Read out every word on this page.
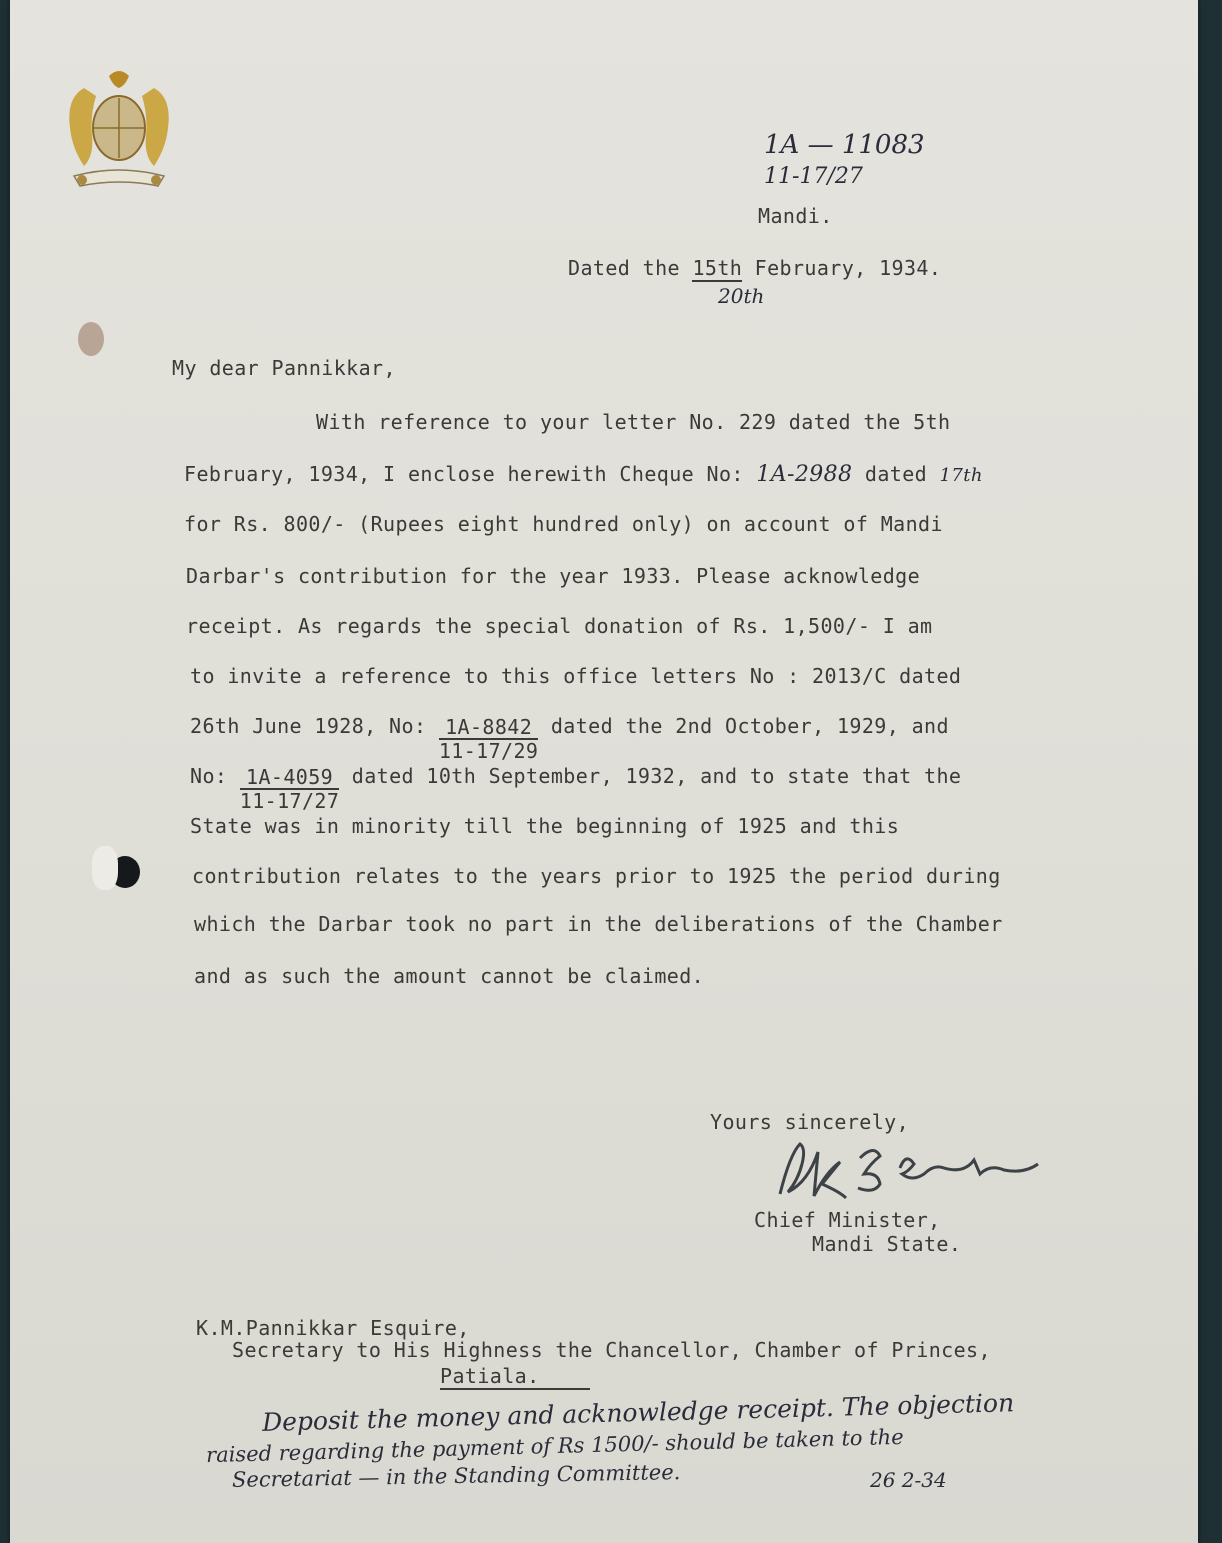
1A — 11083
11-17/27
Mandi.
Dated the 15th February, 1934.
20th
My dear Pannikkar,
With reference to your letter No. 229 dated the 5th
February, 1934, I enclose herewith Cheque No: 1A-2988 dated 17th
for Rs. 800/- (Rupees eight hundred only) on account of Mandi
Darbar's contribution for the year 1933. Please acknowledge
receipt. As regards the special donation of Rs. 1,500/- I am
to invite a reference to this office letters No : 2013/C dated
26th June 1928, No: $\frac{1A-8842}{11-17/29}$ dated the 2nd October, 1929, and
No: $\frac{1A-4059}{11-17/27}$ dated 10th September, 1932, and to state that the
State was in minority till the beginning of 1925 and this
contribution relates to the years prior to 1925 the period during
which the Darbar took no part in the deliberations of the Chamber
and as such the amount cannot be claimed.
Yours sincerely,
Chief Minister,
Mandi State.
K.M.Pannikkar Esquire,
Secretary to His Highness the Chancellor, Chamber of Princes,
Patiala.
Deposit the money and acknowledge receipt. The objection
raised regarding the payment of Rs 1500/- should be taken to the
Secretariat — in the Standing Committee.	26 2-34
